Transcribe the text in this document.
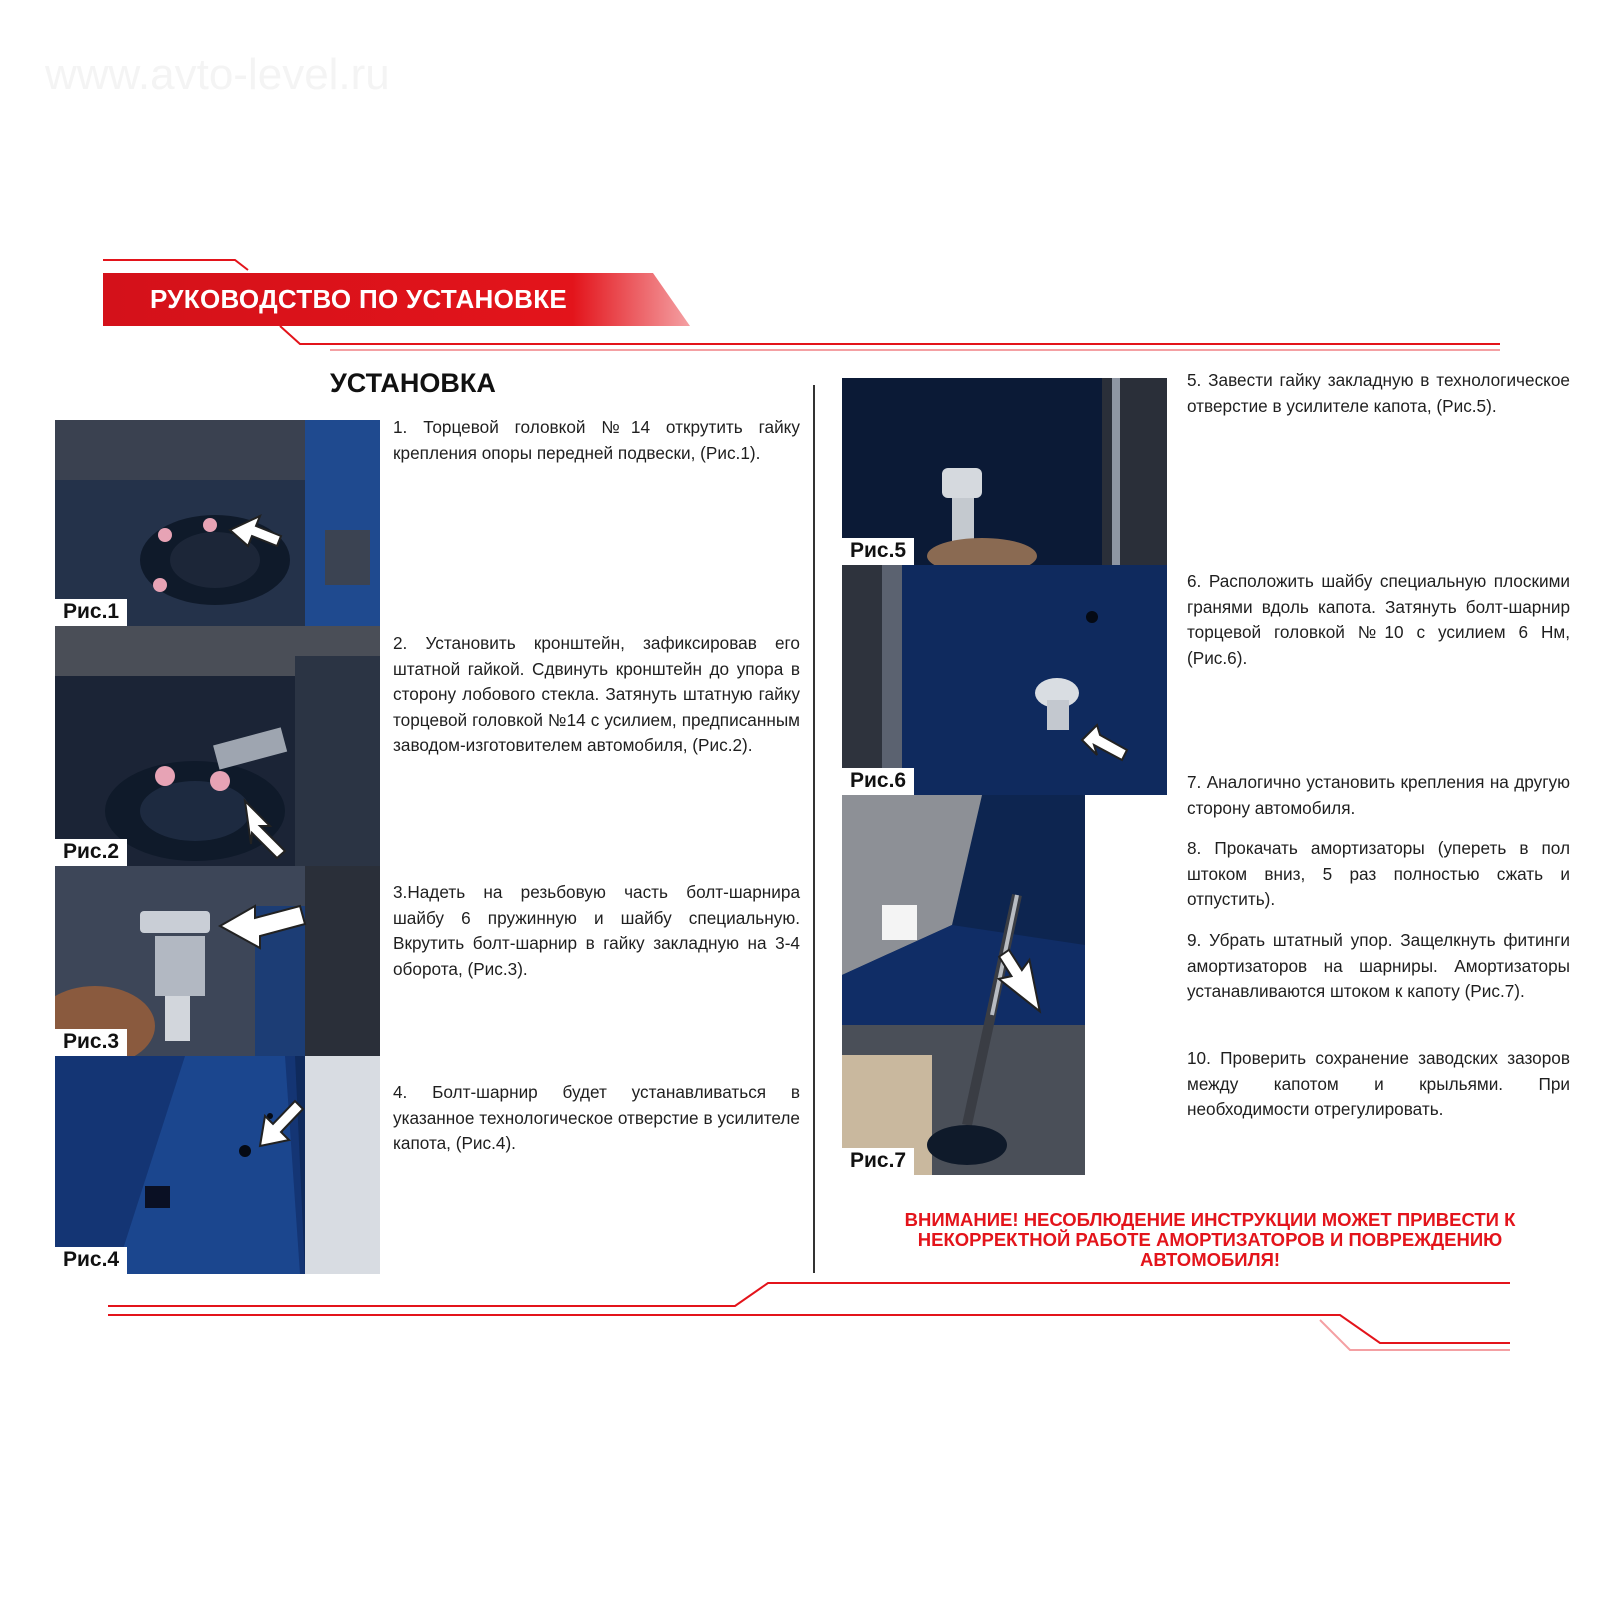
www.avto-level.ru
РУКОВОДСТВО ПО УСТАНОВКЕ
УСТАНОВКА
Рис.1
Рис.2
Рис.3
Рис.4

1. Торцевой головкой №14 открутить гайку крепления опоры передней подвески, (Рис.1).

2. Установить кронштейн, зафиксировав его штатной гайкой. Сдвинуть кронштейн до упора в сторону лобового стекла. Затянуть штатную гайку торцевой головкой №14 с усилием, предписанным заводом-изготовителем автомобиля, (Рис.2).

3.Надеть на резьбовую часть болт-шарнира шайбу 6 пружинную и шайбу специальную. Вкрутить болт-шарнир в гайку закладную на 3-4 оборота, (Рис.3).

4. Болт-шарнир будет устанавливаться в указанное технологическое отверстие в усилителе капота, (Рис.4).

Рис.5
Рис.6
Рис.7

5. Завести гайку закладную в технологическое отверстие в усилителе капота, (Рис.5).

6. Расположить шайбу специальную плоскими гранями вдоль капота. Затянуть болт-шарнир торцевой головкой №10 с усилием 6 Нм, (Рис.6).

7. Аналогично установить крепления на другую сторону автомобиля.

8. Прокачать амортизаторы (упереть в пол штоком вниз, 5 раз полностью сжать и отпустить).

9. Убрать штатный упор. Защелкнуть фитинги амортизаторов на шарниры. Амортизаторы устанавливаются штоком к капоту (Рис.7).

10. Проверить сохранение заводских зазоров между капотом и крыльями. При необходимости отрегулировать.

ВНИМАНИЕ! НЕСОБЛЮДЕНИЕ ИНСТРУКЦИИ МОЖЕТ ПРИВЕСТИ К
НЕКОРРЕКТНОЙ РАБОТЕ АМОРТИЗАТОРОВ И ПОВРЕЖДЕНИЮ
АВТОМОБИЛЯ!
